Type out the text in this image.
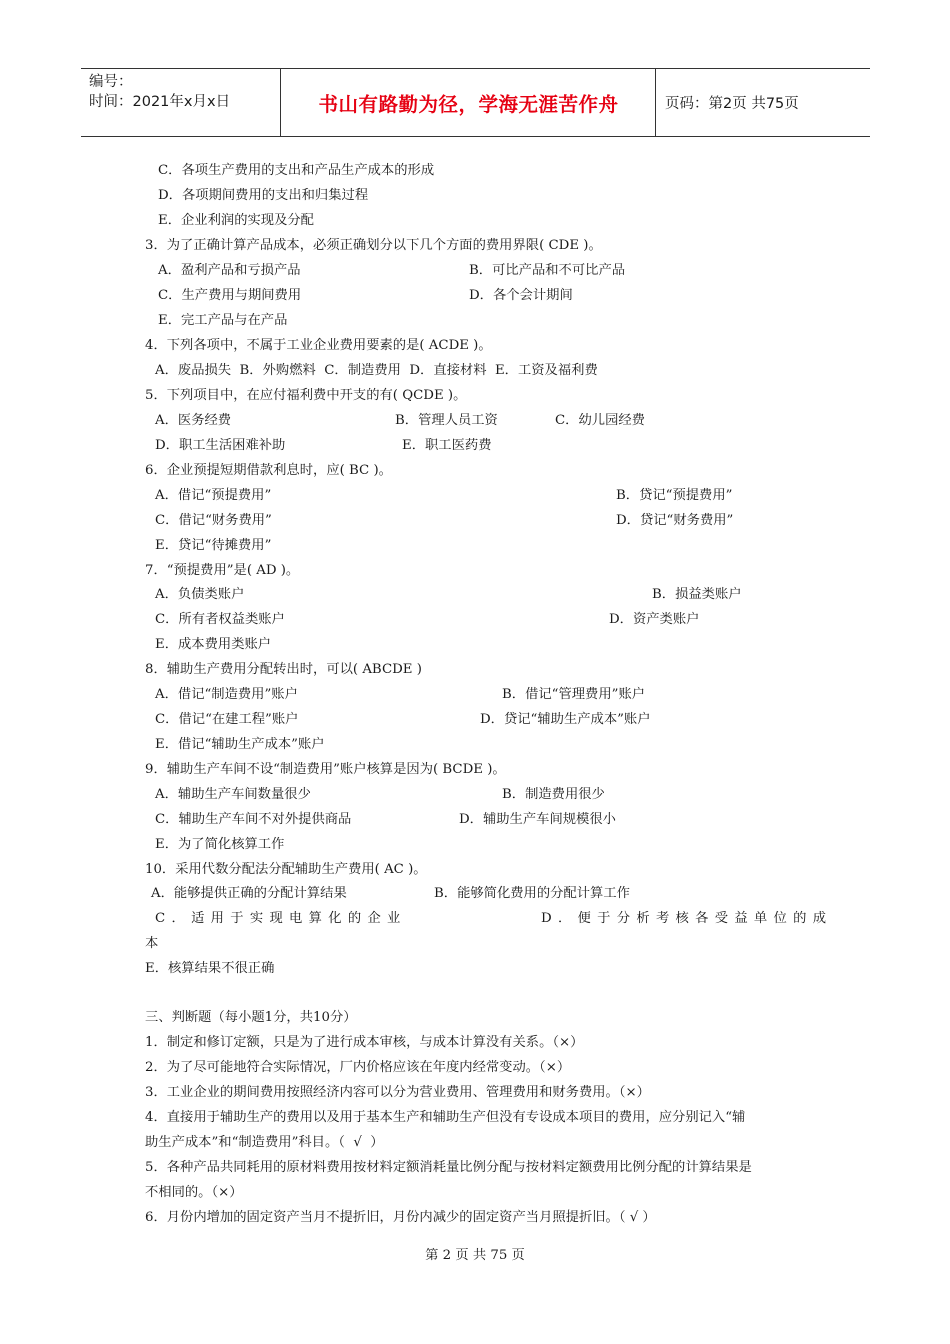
编号：
时间：2021年x月x日	书山有路勤为径，学海无涯苦作舟	页码：第2页 共75页
C．各项生产费用的支出和产品生产成本的形成
D．各项期间费用的支出和归集过程
E．企业利润的实现及分配
3．为了正确计算产品成本，必须正确划分以下几个方面的费用界限( CDE )。
A．盈利产品和亏损产品	B．可比产品和不可比产品
C．生产费用与期间费用	D．各个会计期间
E．完工产品与在产品
4．下列各项中，不属于工业企业费用要素的是( ACDE )。
A．废品损失  B．外购燃料  C．制造费用  D．直接材料  E．工资及福利费
5．下列项目中，在应付福利费中开支的有( QCDE )。
A．医务经费	B．管理人员工资	C．幼儿园经费
D．职工生活困难补助	E．职工医药费
6．企业预提短期借款利息时，应( BC )。
A．借记“预提费用”	B．贷记“预提费用”
C．借记“财务费用”	D．贷记“财务费用”
E．贷记“待摊费用”
7．“预提费用”是( AD )。
A．负债类账户	B．损益类账户
C．所有者权益类账户	D．资产类账户
E．成本费用类账户
8．辅助生产费用分配转出时，可以( ABCDE )
A．借记“制造费用”账户	B．借记“管理费用”账户
C．借记“在建工程”账户	D．贷记“辅助生产成本”账户
E．借记“辅助生产成本”账户
9．辅助生产车间不设“制造费用”账户核算是因为( BCDE )。
A．辅助生产车间数量很少	B．制造费用很少
C．辅助生产车间不对外提供商品	D．辅助生产车间规模很小
E．为了简化核算工作
10．采用代数分配法分配辅助生产费用( AC )。
A．能够提供正确的分配计算结果	B．能够简化费用的分配计算工作
C．适用于实现电算化的企业	D．便于分析考核各受益单位的成
本
E．核算结果不很正确
三、判断题（每小题1分，共10分）
1．制定和修订定额，只是为了进行成本审核，与成本计算没有关系。（×）
2．为了尽可能地符合实际情况，厂内价格应该在年度内经常变动。（×）
3．工业企业的期间费用按照经济内容可以分为营业费用、管理费用和财务费用。（×）
4．直接用于辅助生产的费用以及用于基本生产和辅助生产但没有专设成本项目的费用，应分别记入“辅
助生产成本”和“制造费用”科目。（  √  ）
5．各种产品共同耗用的原材料费用按材料定额消耗量比例分配与按材料定额费用比例分配的计算结果是
不相同的。（×）
6．月份内增加的固定资产当月不提折旧，月份内减少的固定资产当月照提折旧。（ √ ）
第 2 页 共 75 页
